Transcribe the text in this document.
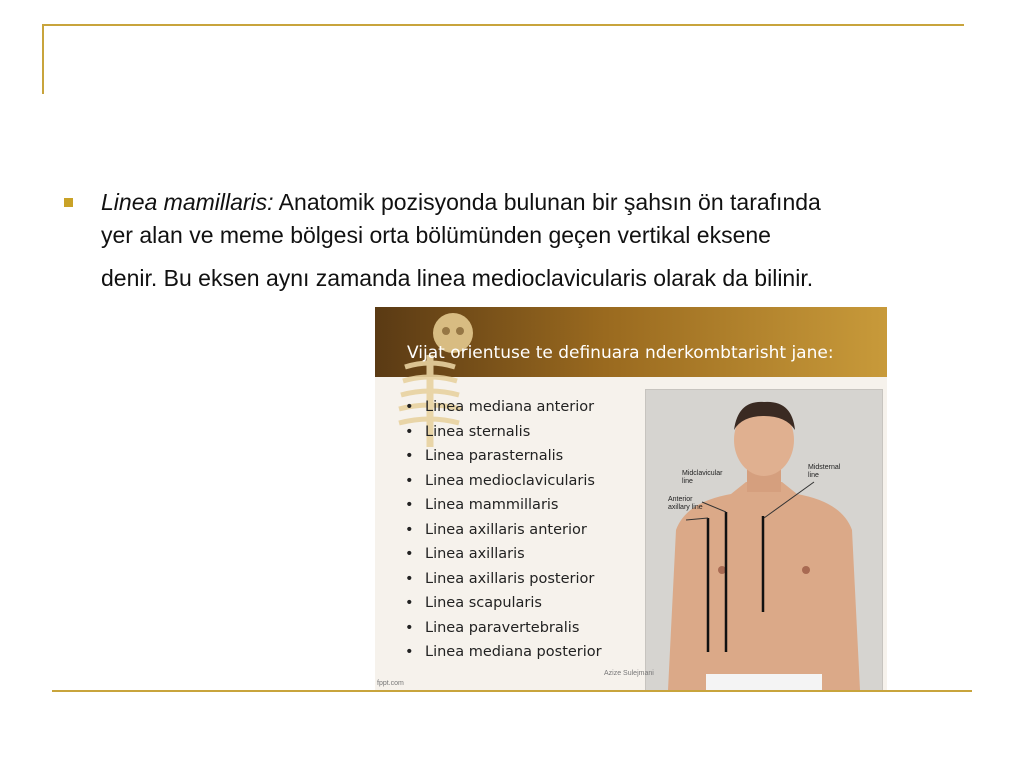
Linea mamillaris: Anatomik pozisyonda bulunan bir şahsın ön tarafında
yer alan ve meme bölgesi orta bölümünden geçen vertikal eksene
denir. Bu eksen aynı zamanda linea medioclavicularis olarak da bilinir.
Vijat orientuse te definuara nderkombtarisht jane:
• Linea mediana anterior
• Linea sternalis
• Linea parasternalis
• Linea medioclavicularis
• Linea mammillaris
• Linea axillaris anterior
• Linea axillaris
• Linea axillaris posterior
• Linea scapularis
• Linea paravertebralis
• Linea mediana posterior
Midclavicular line
Anterior axillary line
Midsternal line
Azize Sulejmani
fppt.com
